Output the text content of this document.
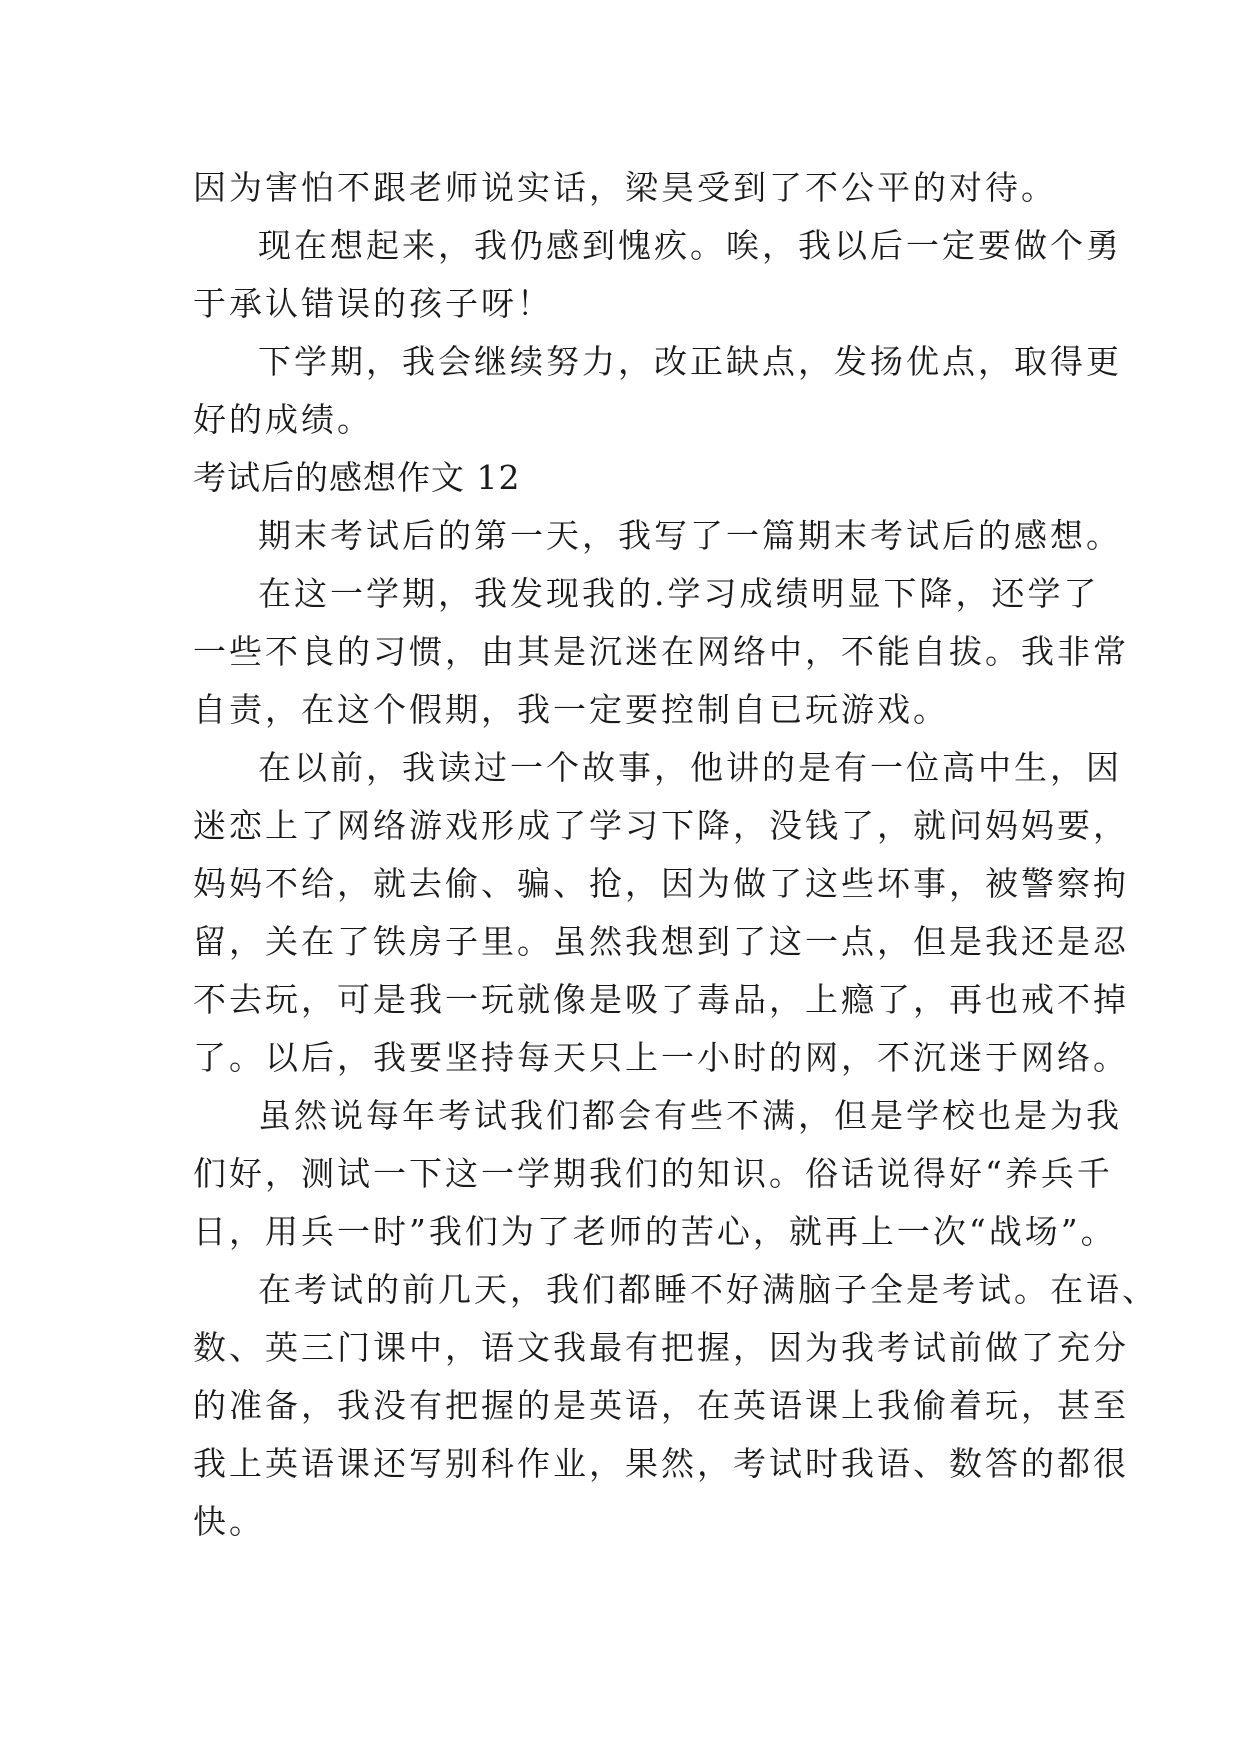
因为害怕不跟老师说实话，梁昊受到了不公平的对待。
现在想起来，我仍感到愧疚。唉，我以后一定要做个勇
于承认错误的孩子呀！
下学期，我会继续努力，改正缺点，发扬优点，取得更
好的成绩。
考试后的感想作文 12
期末考试后的第一天，我写了一篇期末考试后的感想。
在这一学期，我发现我的.学习成绩明显下降，还学了
一些不良的习惯，由其是沉迷在网络中，不能自拔。我非常
自责，在这个假期，我一定要控制自已玩游戏。
在以前，我读过一个故事，他讲的是有一位高中生，因
迷恋上了网络游戏形成了学习下降，没钱了，就问妈妈要，
妈妈不给，就去偷、骗、抢，因为做了这些坏事，被警察拘
留，关在了铁房子里。虽然我想到了这一点，但是我还是忍
不去玩，可是我一玩就像是吸了毒品，上瘾了，再也戒不掉
了。以后，我要坚持每天只上一小时的网，不沉迷于网络。
虽然说每年考试我们都会有些不满，但是学校也是为我
们好，测试一下这一学期我们的知识。俗话说得好“养兵千
日，用兵一时”我们为了老师的苦心，就再上一次“战场”。
在考试的前几天，我们都睡不好满脑子全是考试。在语、
数、英三门课中，语文我最有把握，因为我考试前做了充分
的准备，我没有把握的是英语，在英语课上我偷着玩，甚至
我上英语课还写别科作业，果然，考试时我语、数答的都很
快。
